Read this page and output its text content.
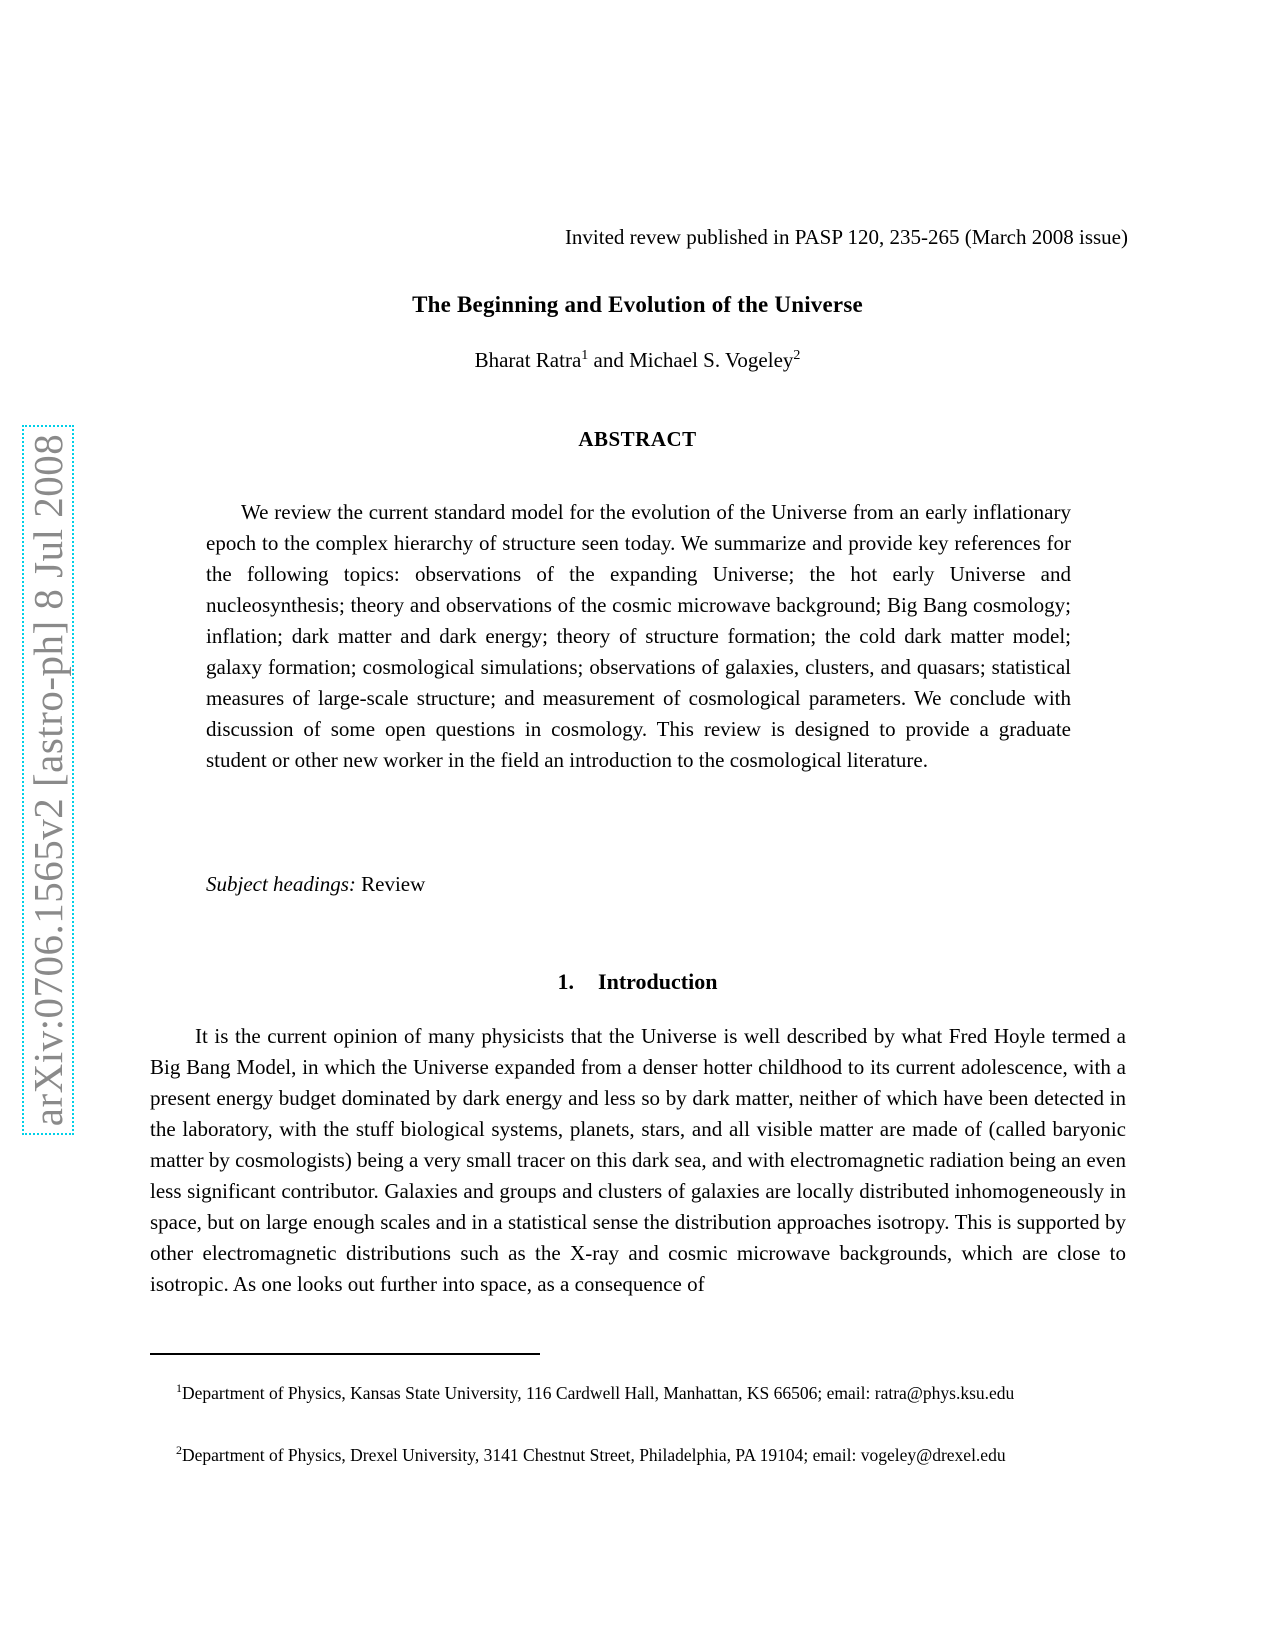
arXiv:0706.1565v2 [astro-ph] 8 Jul 2008
Invited revew published in PASP 120, 235-265 (March 2008 issue)
The Beginning and Evolution of the Universe
Bharat Ratra$^1$ and Michael S. Vogeley$^2$
ABSTRACT

We review the current standard model for the evolution of the Universe from an early inflationary epoch to the complex hierarchy of structure seen today. We summarize and provide key references for the following topics: observations of the expanding Universe; the hot early Universe and nucleosynthesis; theory and observations of the cosmic microwave background; Big Bang cosmology; inflation; dark matter and dark energy; theory of structure formation; the cold dark matter model; galaxy formation; cosmological simulations; observations of galaxies, clusters, and quasars; statistical measures of large-scale structure; and measurement of cosmological parameters. We conclude with discussion of some open questions in cosmology. This review is designed to provide a graduate student or other new worker in the field an introduction to the cosmological literature.

Subject headings: Review
1. Introduction

It is the current opinion of many physicists that the Universe is well described by what Fred Hoyle termed a Big Bang Model, in which the Universe expanded from a denser hotter childhood to its current adolescence, with a present energy budget dominated by dark energy and less so by dark matter, neither of which have been detected in the laboratory, with the stuff biological systems, planets, stars, and all visible matter are made of (called baryonic matter by cosmologists) being a very small tracer on this dark sea, and with electromagnetic radiation being an even less significant contributor. Galaxies and groups and clusters of galaxies are locally distributed inhomogeneously in space, but on large enough scales and in a statistical sense the distribution approaches isotropy. This is supported by other electromagnetic distributions such as the X-ray and cosmic microwave backgrounds, which are close to isotropic. As one looks out further into space, as a consequence of

$^1$Department of Physics, Kansas State University, 116 Cardwell Hall, Manhattan, KS 66506; email: ratra@phys.ksu.edu

$^2$Department of Physics, Drexel University, 3141 Chestnut Street, Philadelphia, PA 19104; email: vogeley@drexel.edu
